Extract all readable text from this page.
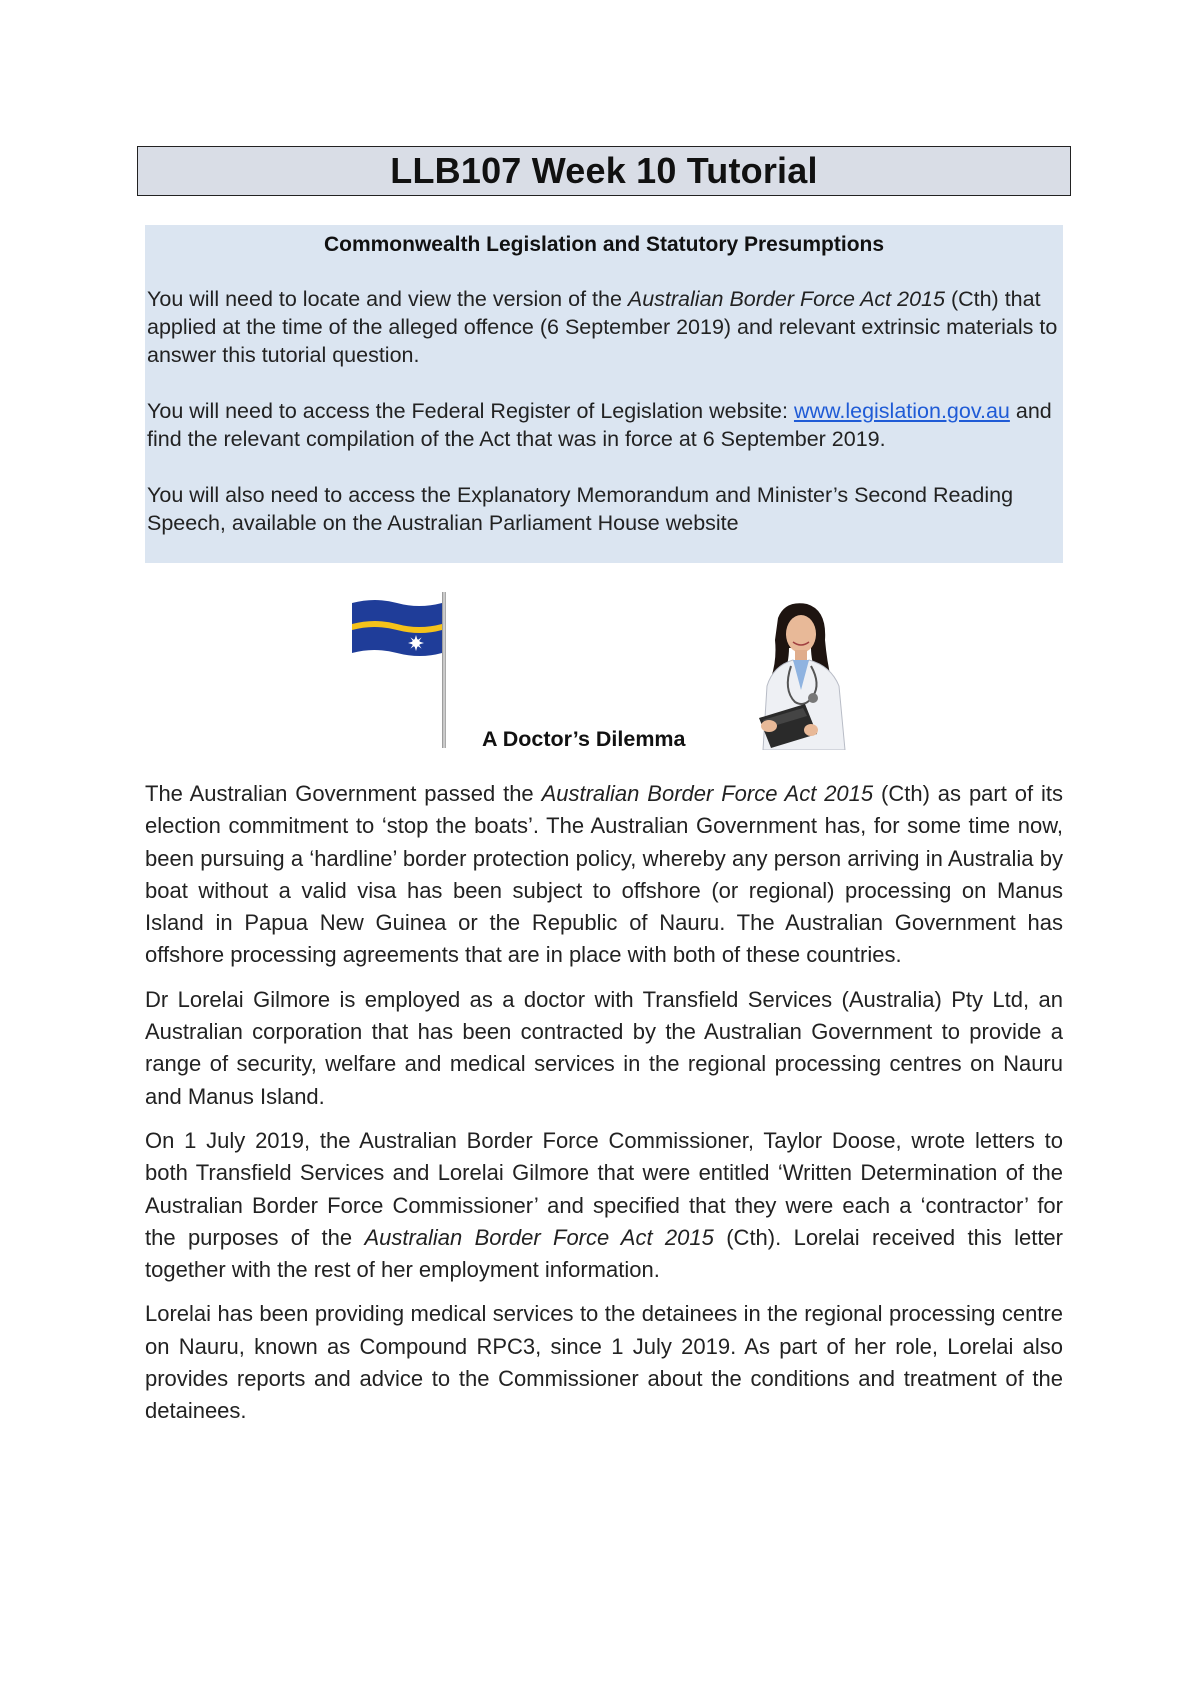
LLB107 Week 10 Tutorial
Commonwealth Legislation and Statutory Presumptions

You will need to locate and view the version of the Australian Border Force Act 2015 (Cth) that applied at the time of the alleged offence (6 September 2019) and relevant extrinsic materials to answer this tutorial question.

You will need to access the Federal Register of Legislation website: www.legislation.gov.au and find the relevant compilation of the Act that was in force at 6 September 2019.

You will also need to access the Explanatory Memorandum and Minister’s Second Reading Speech, available on the Australian Parliament House website

A Doctor’s Dilemma

The Australian Government passed the Australian Border Force Act 2015 (Cth) as part of its election commitment to ‘stop the boats’. The Australian Government has, for some time now, been pursuing a ‘hardline’ border protection policy, whereby any person arriving in Australia by boat without a valid visa has been subject to offshore (or regional) processing on Manus Island in Papua New Guinea or the Republic of Nauru. The Australian Government has offshore processing agreements that are in place with both of these countries.

Dr Lorelai Gilmore is employed as a doctor with Transfield Services (Australia) Pty Ltd, an Australian corporation that has been contracted by the Australian Government to provide a range of security, welfare and medical services in the regional processing centres on Nauru and Manus Island.

On 1 July 2019, the Australian Border Force Commissioner, Taylor Doose, wrote letters to both Transfield Services and Lorelai Gilmore that were entitled ‘Written Determination of the Australian Border Force Commissioner’ and specified that they were each a ‘contractor’ for the purposes of the Australian Border Force Act 2015 (Cth). Lorelai received this letter together with the rest of her employment information.

Lorelai has been providing medical services to the detainees in the regional processing centre on Nauru, known as Compound RPC3, since 1 July 2019. As part of her role, Lorelai also provides reports and advice to the Commissioner about the conditions and treatment of the detainees.
